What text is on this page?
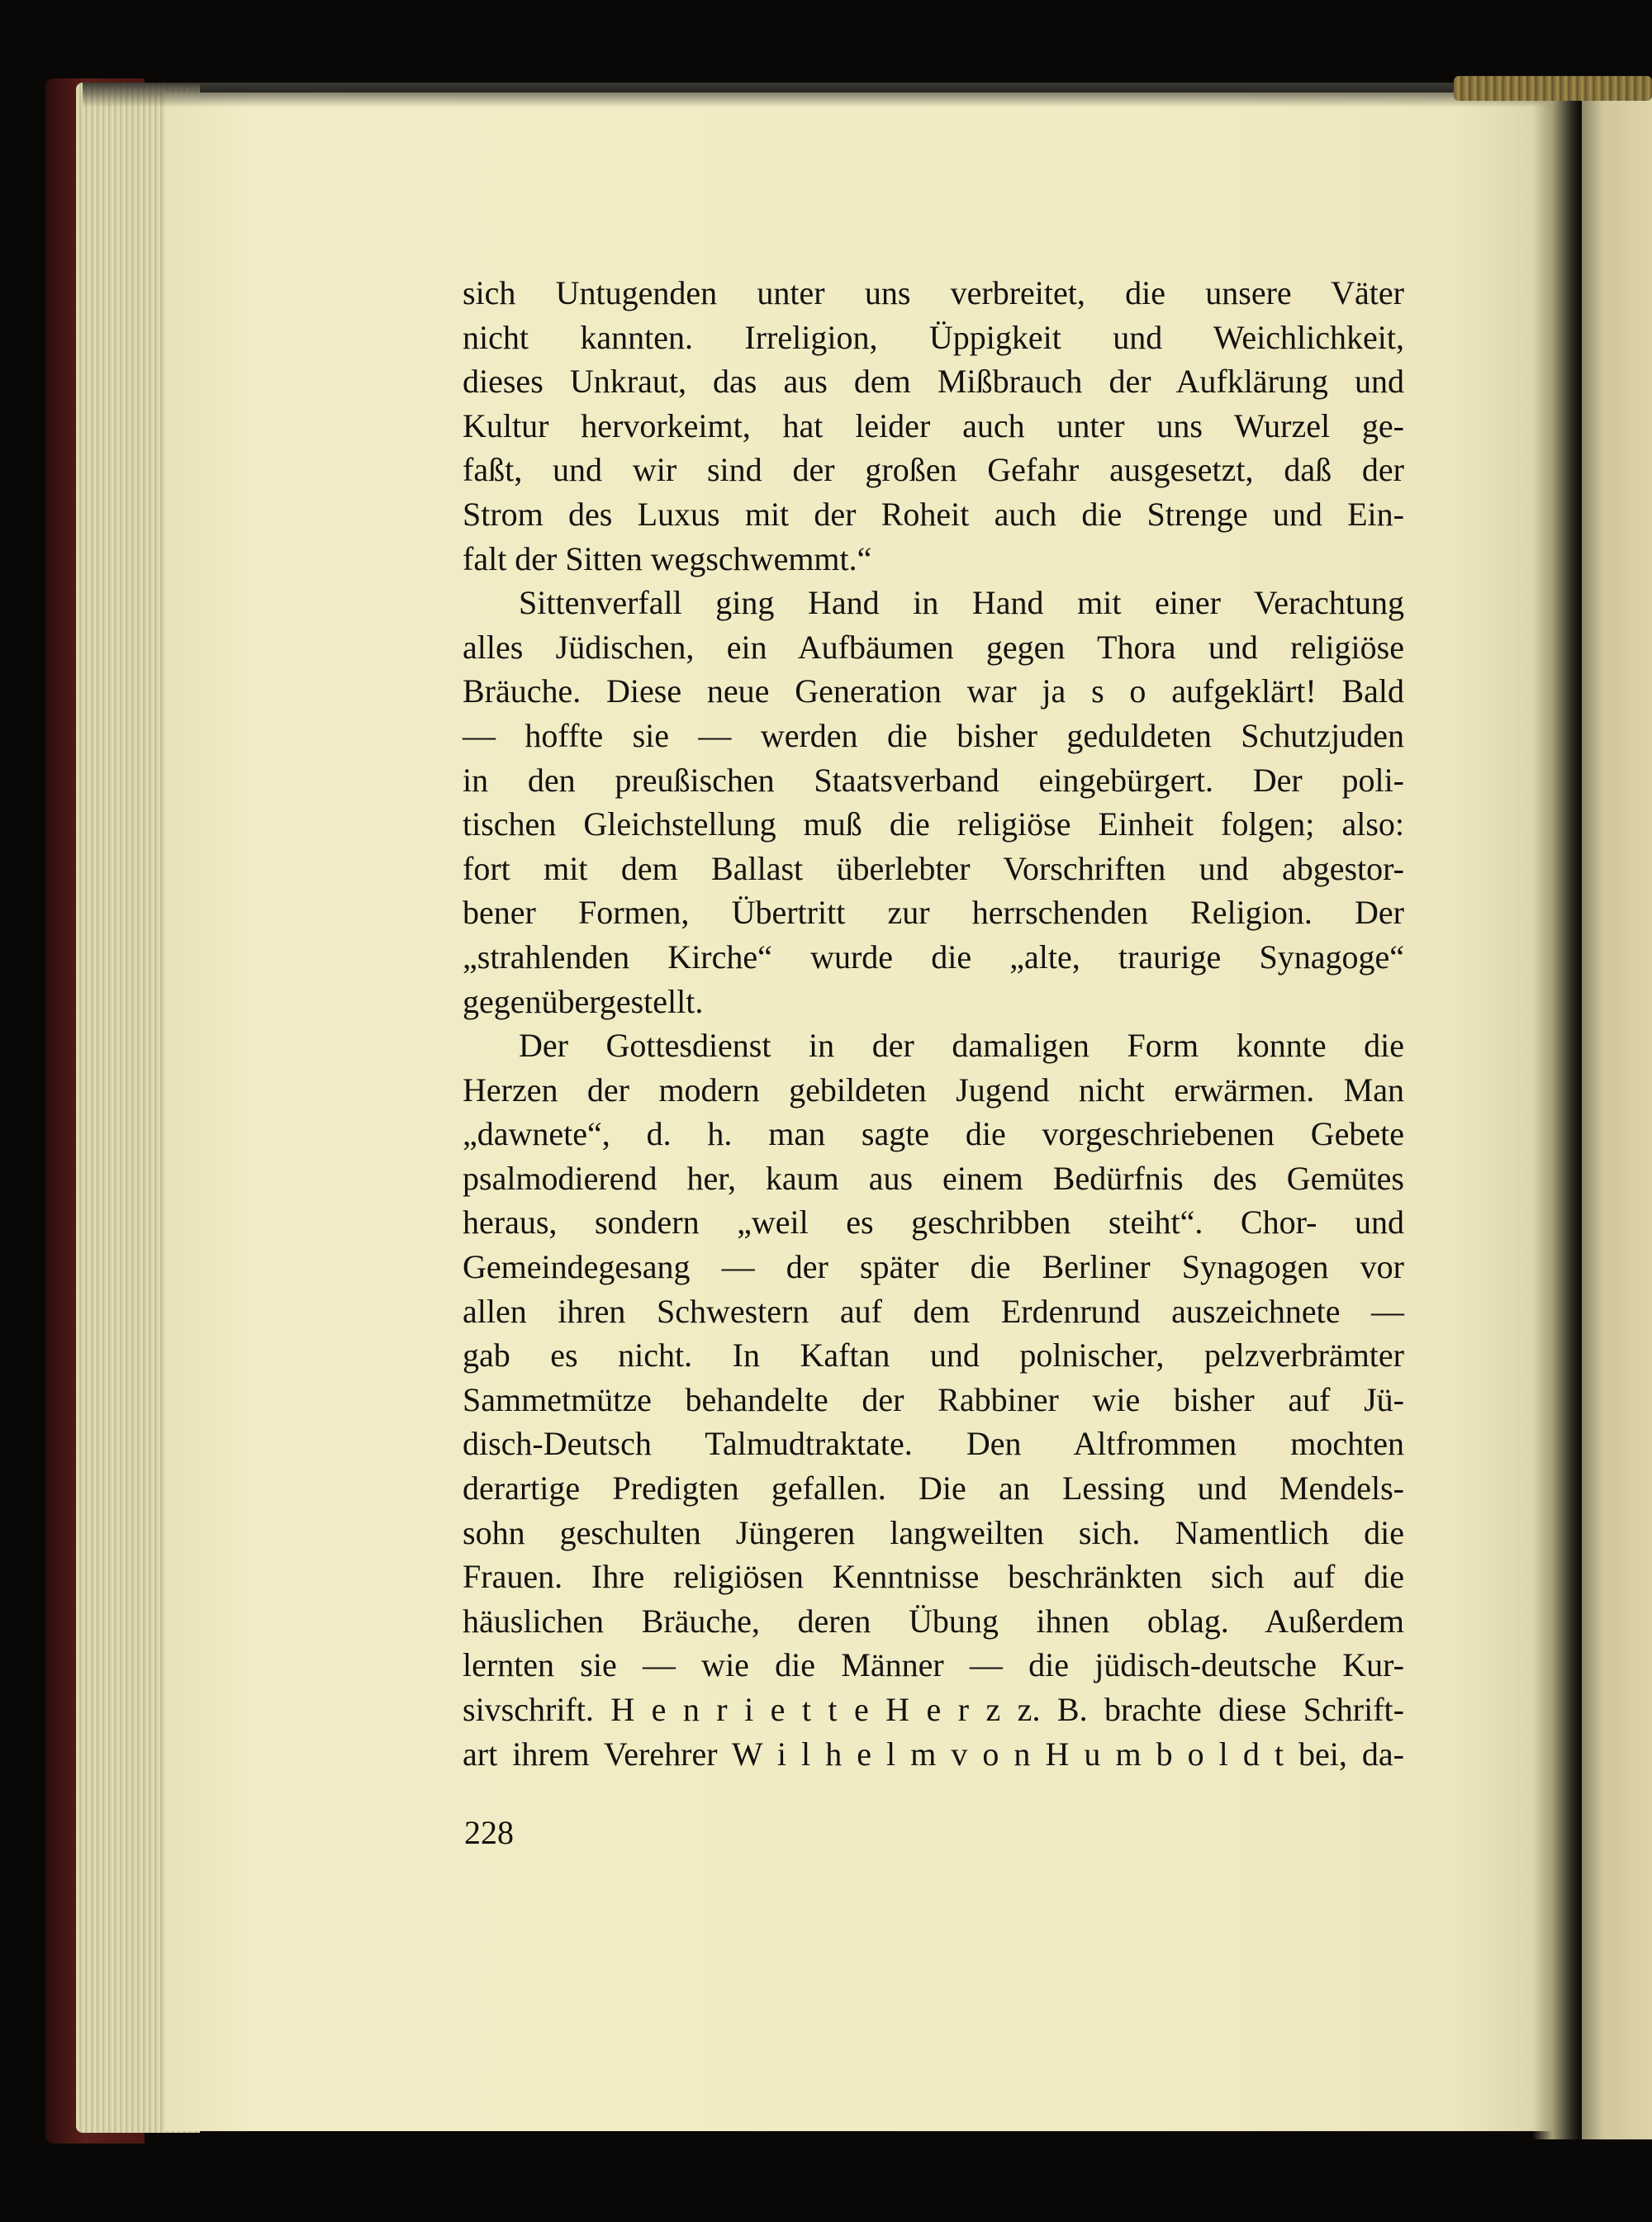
sich Untugenden unter uns verbreitet, die unsere Väter
nicht kannten. Irreligion, Üppigkeit und Weichlichkeit,
dieses Unkraut, das aus dem Mißbrauch der Aufklärung und
Kultur hervorkeimt, hat leider auch unter uns Wurzel ge-
faßt, und wir sind der großen Gefahr ausgesetzt, daß der
Strom des Luxus mit der Roheit auch die Strenge und Ein-
falt der Sitten wegschwemmt.“
Sittenverfall ging Hand in Hand mit einer Verachtung
alles Jüdischen, ein Aufbäumen gegen Thora und religiöse
Bräuche. Diese neue Generation war ja s o aufgeklärt! Bald
— hoffte sie — werden die bisher geduldeten Schutzjuden
in den preußischen Staatsverband eingebürgert. Der poli-
tischen Gleichstellung muß die religiöse Einheit folgen; also:
fort mit dem Ballast überlebter Vorschriften und abgestor-
bener Formen, Übertritt zur herrschenden Religion. Der
„strahlenden Kirche“ wurde die „alte, traurige Synagoge“
gegenübergestellt.
Der Gottesdienst in der damaligen Form konnte die
Herzen der modern gebildeten Jugend nicht erwärmen. Man
„dawnete“, d. h. man sagte die vorgeschriebenen Gebete
psalmodierend her, kaum aus einem Bedürfnis des Gemütes
heraus, sondern „weil es geschribben steiht“. Chor- und
Gemeindegesang — der später die Berliner Synagogen vor
allen ihren Schwestern auf dem Erdenrund auszeichnete —
gab es nicht. In Kaftan und polnischer, pelzverbrämter
Sammetmütze behandelte der Rabbiner wie bisher auf Jü-
disch-Deutsch Talmudtraktate. Den Altfrommen mochten
derartige Predigten gefallen. Die an Lessing und Mendels-
sohn geschulten Jüngeren langweilten sich. Namentlich die
Frauen. Ihre religiösen Kenntnisse beschränkten sich auf die
häuslichen Bräuche, deren Übung ihnen oblag. Außerdem
lernten sie — wie die Männer — die jüdisch-deutsche Kur-
sivschrift. H e n r i e t t e H e r z z. B. brachte diese Schrift-
art ihrem Verehrer W i l h e l m v o n H u m b o l d t bei, da-
228
